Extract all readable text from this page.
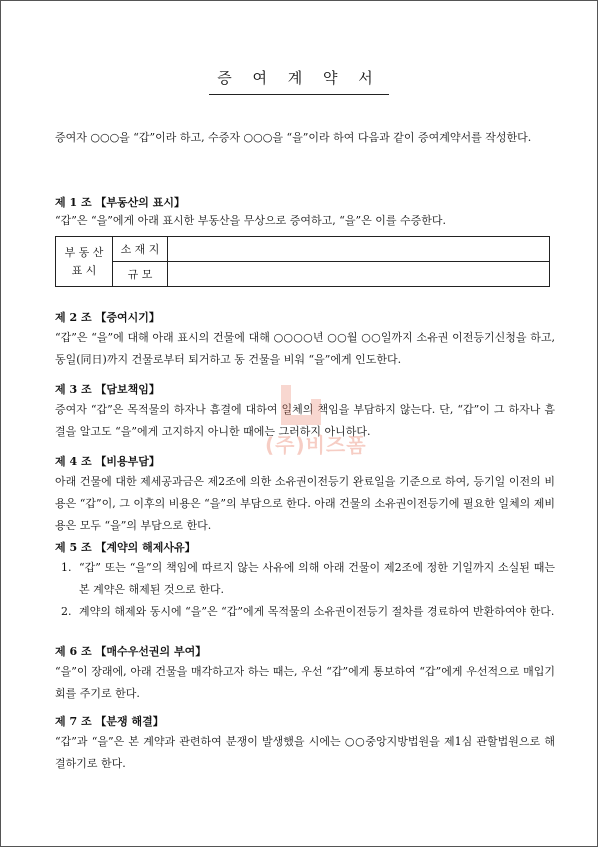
증 여 계 약 서
증여자 ○○○을 “갑”이라 하고, 수증자 ○○○을 “을”이라 하여 다음과 같이 증여계약서를 작성한다.
제 1 조 【부동산의 표시】
“갑”은 “을”에게 아래 표시한 부동산을 무상으로 증여하고, “을”은 이를 수증한다.
부 동 산
표 시	소 재 지	
	규 모	
제 2 조 【증여시기】
“갑”은 “을”에 대해 아래 표시의 건물에 대해 ○○○○년 ○○월 ○○일까지 소유권 이전등기신청을 하고, 동일(同日)까지 건물로부터 퇴거하고 동 건물을 비워 “을”에게 인도한다.
제 3 조 【담보책임】
증여자 “갑”은 목적물의 하자나 흠결에 대하여 일체의 책임을 부담하지 않는다. 단, “갑”이 그 하자나 흠결을 알고도 “을”에게 고지하지 아니한 때에는 그러하지 아니하다.
제 4 조 【비용부담】
아래 건물에 대한 제세공과금은 제2조에 의한 소유권이전등기 완료일을 기준으로 하여, 등기일 이전의 비용은 “갑”이, 그 이후의 비용은 “을”의 부담으로 한다. 아래 건물의 소유권이전등기에 필요한 일체의 제비용은 모두 “을”의 부담으로 한다.
제 5 조 【계약의 해제사유】
1. “갑” 또는 “을”의 책임에 따르지 않는 사유에 의해 아래 건물이 제2조에 정한 기일까지 소실된 때는 본 계약은 해제된 것으로 한다.
2. 계약의 해제와 동시에 “을”은 “갑”에게 목적물의 소유권이전등기 절차를 경료하여 반환하여야 한다.
제 6 조 【매수우선권의 부여】
“을”이 장래에, 아래 건물을 매각하고자 하는 때는, 우선 “갑”에게 통보하여 “갑”에게 우선적으로 매입기회를 주기로 한다.
제 7 조 【분쟁 해결】
“갑”과 “을”은 본 계약과 관련하여 분쟁이 발생했을 시에는 ○○중앙지방법원을 제1심 관할법원으로 해결하기로 한다.
(주)비즈폼
